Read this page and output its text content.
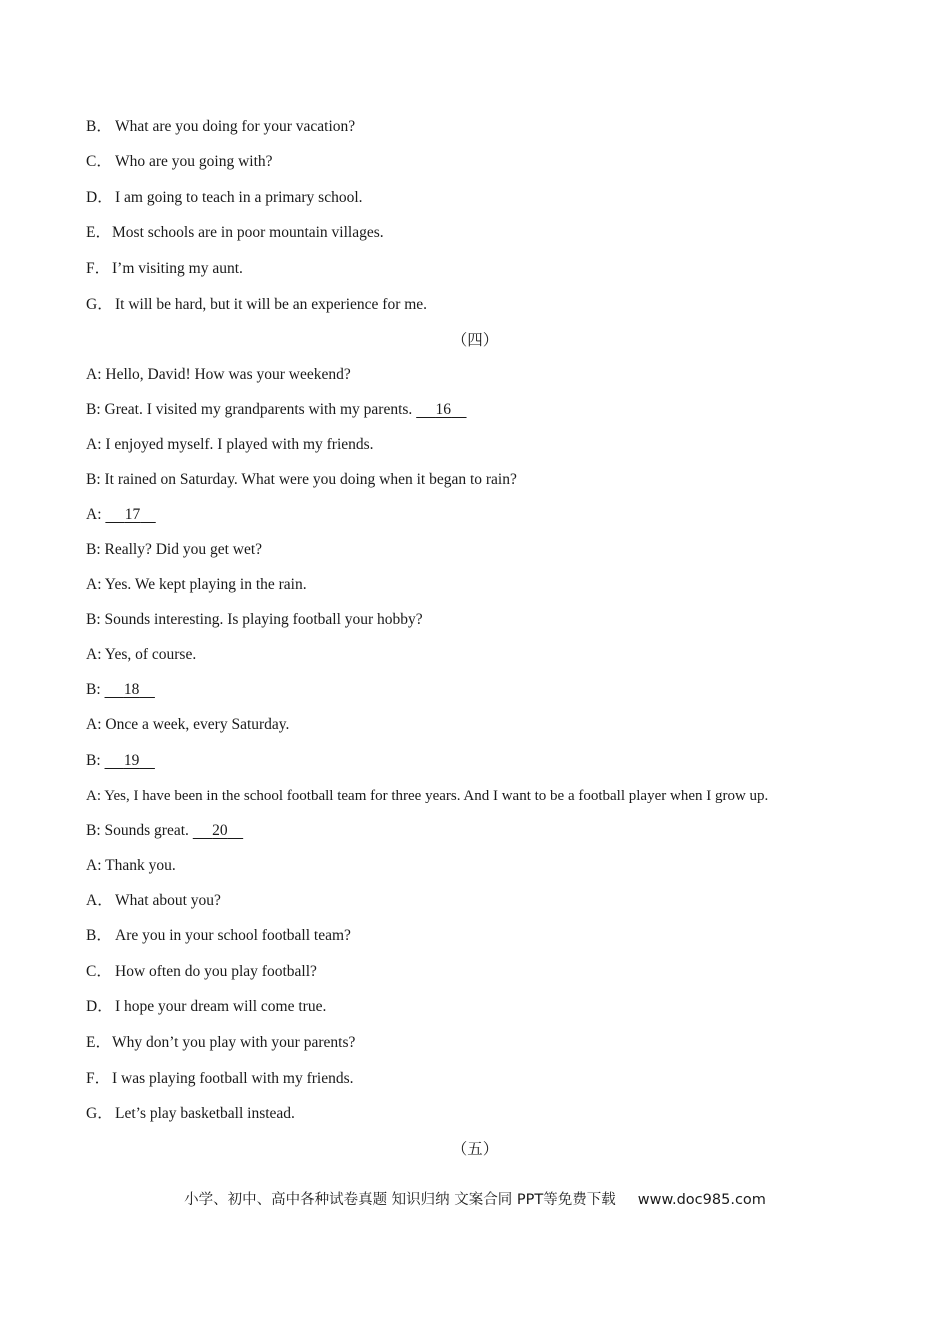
B． What are you doing for your vacation?
C． Who are you going with?
D． I am going to teach in a primary school.
E．Most schools are in poor mountain villages.
F． I’m visiting my aunt.
G． It will be hard, but it will be an experience for me.
（四）
A: Hello, David! How was your weekend?
B: Great. I visited my grandparents with my parents.      16
A: I enjoyed myself. I played with my friends.
B: It rained on Saturday. What were you doing when it began to rain?
A:      17
B: Really? Did you get wet?
A: Yes. We kept playing in the rain.
B: Sounds interesting. Is playing football your hobby?
A: Yes, of course.
B:      18
A: Once a week, every Saturday.
B:      19
A: Yes, I have been in the school football team for three years. And I want to be a football player when I grow up.
B: Sounds great.      20
A: Thank you.
A． What about you?
B． Are you in your school football team?
C． How often do you play football?
D． I hope your dream will come true.
E．Why don’t you play with your parents?
F． I was playing football with my friends.
G． Let’s play basketball instead.
（五）
小学、初中、高中各种试卷真题 知识归纳 文案合同 PPT等免费下载 www.doc985.com
